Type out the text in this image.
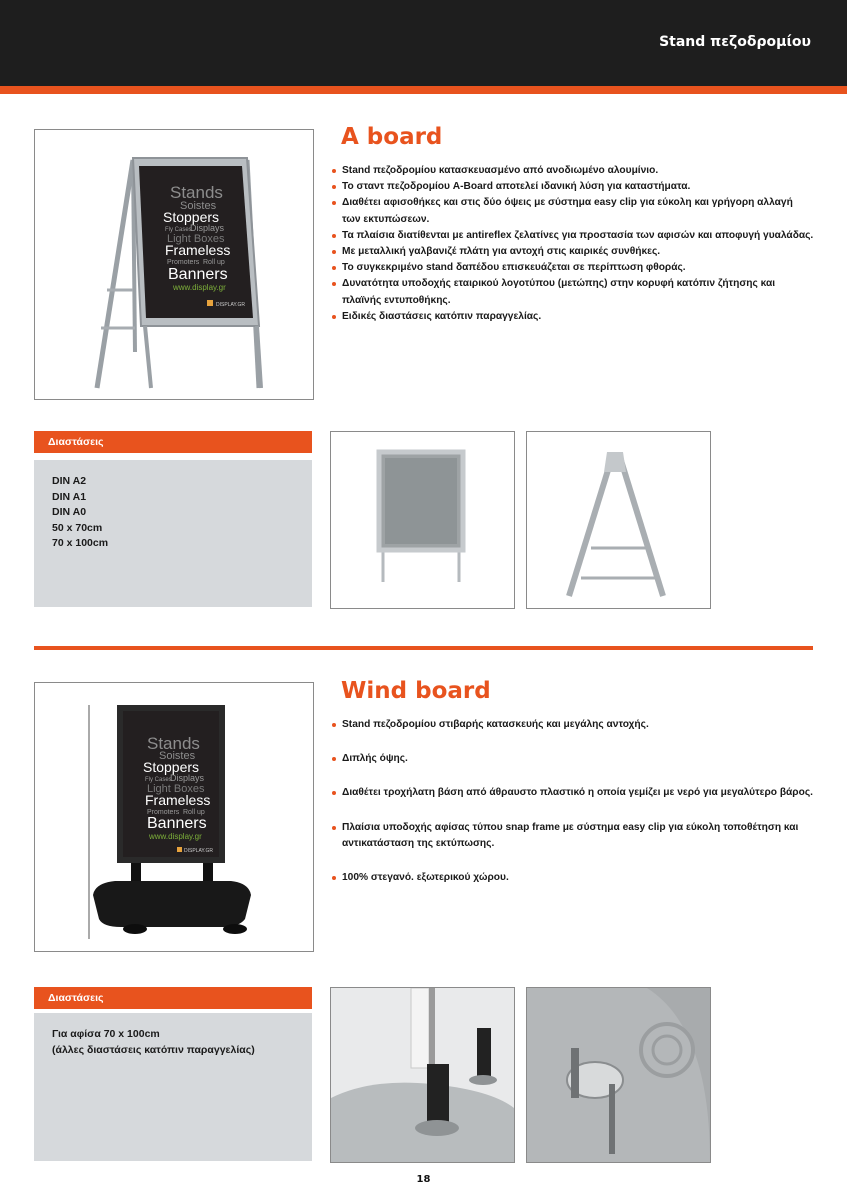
Stand πεζοδρομίου
Stands
Soistes
Stoppers
Fly Cases
Displays
Light Boxes
Frameless
Promoters Roll up
Banners
www.display.gr
DISPLAY.GR
A board
Stand πεζοδρομίου κατασκευασμένο από ανοδιωμένο αλουμίνιο.
Το σταντ πεζοδρομίου A-Board αποτελεί ιδανική λύση για καταστήματα.
Διαθέτει αφισοθήκες και στις δύο όψεις με σύστημα easy clip για εύκολη και γρήγορη αλλαγή των εκτυπώσεων.
Τα πλαίσια διατίθενται με antireflex ζελατίνες για προστασία των αφισών και αποφυγή γυαλάδας.
Με μεταλλική γαλβανιζέ πλάτη για αντοχή στις καιρικές συνθήκες.
Το συγκεκριμένο stand δαπέδου επισκευάζεται σε περίπτωση φθοράς.
Δυνατότητα υποδοχής εταιρικού λογοτύπου (μετώπης) στην κορυφή κατόπιν ζήτησης και πλαϊνής εντυποθήκης.
Ειδικές διαστάσεις κατόπιν παραγγελίας.
Διαστάσεις
DIN A2
DIN A1
DIN A0
50 x 70cm
70 x 100cm
Stands
Soistes
Stoppers
Fly Cases
Displays
Light Boxes
Frameless
Promoters Roll up
Banners
www.display.gr
DISPLAY.GR
Wind board
Stand πεζοδρομίου στιβαρής κατασκευής και μεγάλης αντοχής.
Διπλής όψης.
Διαθέτει τροχήλατη βάση από άθραυστο πλαστικό η οποία γεμίζει με νερό για μεγαλύτερο βάρος.
Πλαίσια υποδοχής αφίσας τύπου snap frame με σύστημα easy clip για εύκολη τοποθέτηση και αντικατάσταση της εκτύπωσης.
100% στεγανό. εξωτερικού χώρου.
Διαστάσεις
Για αφίσα 70 x 100cm
(άλλες διαστάσεις κατόπιν παραγγελίας)
18
